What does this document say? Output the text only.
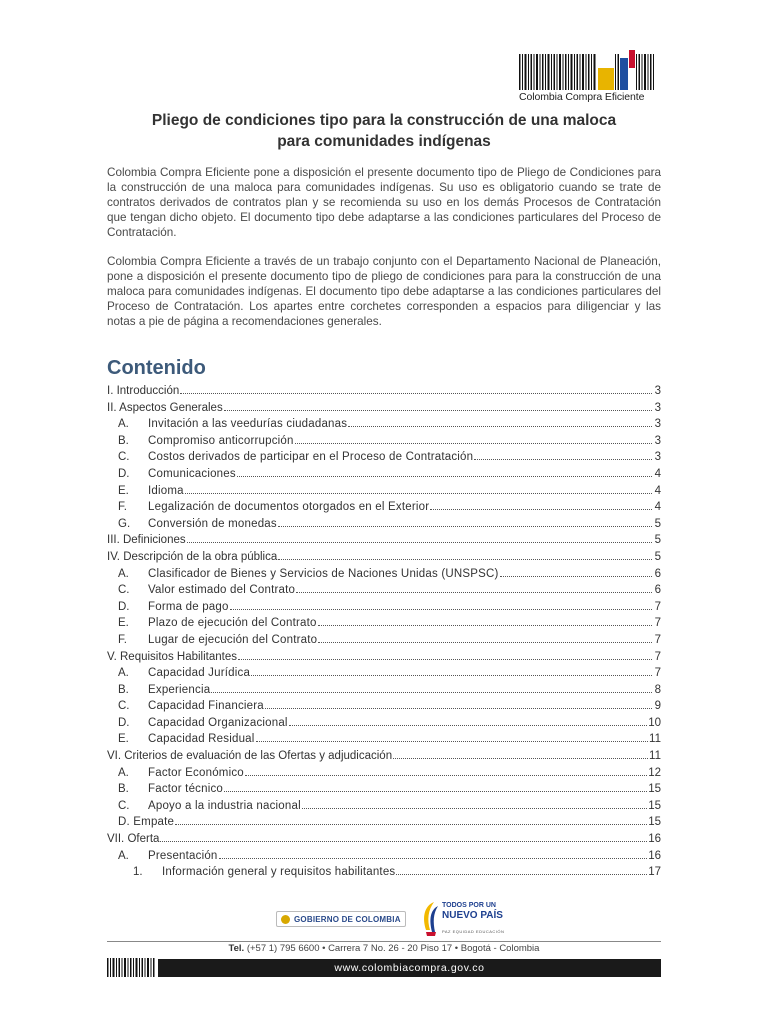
Colombia Compra Eficiente
Pliego de condiciones tipo para la construcción de una maloca
para comunidades indígenas

Colombia Compra Eficiente pone a disposición el presente documento tipo de Pliego de Condiciones para la construcción de una maloca para comunidades indígenas. Su uso es obligatorio cuando se trate de contratos derivados de contratos plan y se recomienda su uso en los demás Procesos de Contratación que tengan dicho objeto. El documento tipo debe adaptarse a las condiciones particulares del Proceso de Contratación.

Colombia Compra Eficiente a través de un trabajo conjunto con el Departamento Nacional de Planeación, pone a disposición el presente documento tipo de pliego de condiciones para para la construcción de una maloca para comunidades indígenas. El documento tipo debe adaptarse a las condiciones particulares del Proceso de Contratación. Los apartes entre corchetes corresponden a espacios para diligenciar y las notas a pie de página a recomendaciones generales.

Contenido
I. Introducción	3
II. Aspectos Generales	3
A.	Invitación a las veedurías ciudadanas	3
B.	Compromiso anticorrupción	3
C.	Costos derivados de participar en el Proceso de Contratación	3
D.	Comunicaciones	4
E.	Idioma	4
F.	Legalización de documentos otorgados en el Exterior	4
G.	Conversión de monedas	5
III. Definiciones	5
IV. Descripción de la obra pública	5
A.	Clasificador de Bienes y Servicios de Naciones Unidas (UNSPSC)	6
C.	Valor estimado del Contrato	6
D.	Forma de pago	7
E.	Plazo de ejecución del Contrato	7
F.	Lugar de ejecución del Contrato	7
V. Requisitos Habilitantes	7
A.	Capacidad Jurídica	7
B.	Experiencia	8
C.	Capacidad Financiera	9
D.	Capacidad Organizacional	10
E.	Capacidad Residual	11
VI. Criterios de evaluación de las Ofertas y adjudicación	11
A.	Factor Económico	12
B.	Factor técnico	15
C.	Apoyo a la industria nacional	15
D. Empate	15
VII. Oferta	16
A.	Presentación	16
1.	Información general y requisitos habilitantes	17
GOBIERNO DE COLOMBIA
TODOS POR UN
NUEVO PAÍS
PAZ EQUIDAD EDUCACIÓN
Tel. (+57 1) 795 6600 • Carrera 7 No. 26 - 20 Piso 17 • Bogotá - Colombia
www.colombiacompra.gov.co
